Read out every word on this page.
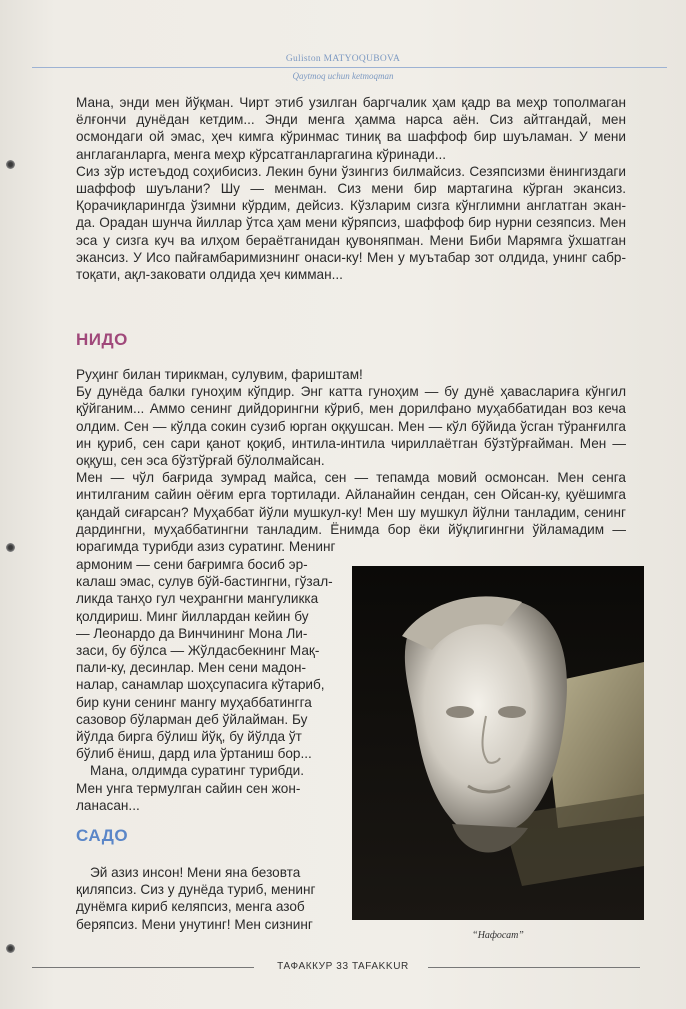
Guliston MATYOQUBOVA
Qaytmoq uchun ketmoqman

Мана, энди мен йўқман. Чирт этиб узилган баргчалик ҳам қадр ва меҳр тополмаган ёлғончи дунёдан кетдим... Энди менга ҳамма нарса аён. Сиз айтгандай, мен осмондаги ой эмас, ҳеч кимга кўринмас тиниқ ва шаффоф бир шуъламан. У мени англаганларга, менга меҳр кўрсатганларгагина кўринади...

Сиз зўр истеъдод соҳибисиз. Лекин буни ўзингиз билмайсиз. Сезяпсизми ёнингиздаги шаффоф шуълани? Шу — менман. Сиз мени бир мартагина кўрган экансиз. Қорачиқларингда ўзимни кўрдим, дейсиз. Кўзларим сизга кўнглимни англатган экан-да. Орадан шунча йиллар ўтса ҳам мени кўряпсиз, шаффоф бир нурни сезяпсиз. Мен эса у сизга куч ва илҳом бераётганидан қувоняпман. Мени Биби Марямга ўхшатган экансиз. У Исо пайғамбаримизнинг онаси-ку! Мен у муътабар зот олдида, унинг сабр-тоқати, ақл-заковати олдида ҳеч кимман...

НИДО

Руҳинг билан тирикман, сулувим, фариштам!

Бу дунёда балки гуноҳим кўпдир. Энг катта гуноҳим — бу дунё ҳаваслариға кўнгил қўйганим... Аммо сенинг дийдорингни кўриб, мен дорилфано муҳаббатидан воз кеча олдим. Сен — кўлда сокин сузиб юрган оққушсан. Мен — кўл бўйида ўсган тўранғилга ин қуриб, сен сари қанот қоқиб, интила-интила чириллаётган бўзтўрғайман. Мен — оққуш, сен эса бўзтўрғай бўлолмайсан.

Мен — чўл бағрида зумрад майса, сен — тепамда мовий осмонсан. Мен сенга интилганим сайин оёғим ерга тортилади. Айланайин сендан, сен Ойсан-ку, қуёшимга қандай сиғарсан? Муҳаббат йўли мушкул-ку! Мен шу мушкул йўлни танладим, сенинг дардингни, муҳаббатингни танладим. Ёнимда бор ёки йўқлигингни ўйламадим — юрагимда турибди азиз суратинг. Менинг

армоним — сени бағримга босиб эр-

калаш эмас, сулув бўй-бастингни, гўзал-

ликда танҳо гул чеҳрангни мангуликка

қолдириш. Минг йиллардан кейин бу

— Леонардо да Винчининг Мона Ли-

заси, бу бўлса — Жўлдасбекнинг Мақ-

пали-ку, десинлар. Мен сени мадон-

налар, санамлар шоҳсупасига кўтариб,

бир куни сенинг мангу муҳаббатингга

сазовор бўларман деб ўйлайман. Бу

йўлда бирга бўлиш йўқ, бу йўлда ўт

бўлиб ёниш, дард ила ўртаниш бор...

Мана, олдимда суратинг турибди.

Мен унга термулган сайин сен жон-

ланасан...

САДО

Эй азиз инсон! Мени яна безовта

қиляпсиз. Сиз у дунёда туриб, менинг

дунёмга кириб келяпсиз, менга азоб

беряпсиз. Мени унутинг! Мен сизнинг

“Нафосат”
ТАФАККУР 33 TAFAKKUR
